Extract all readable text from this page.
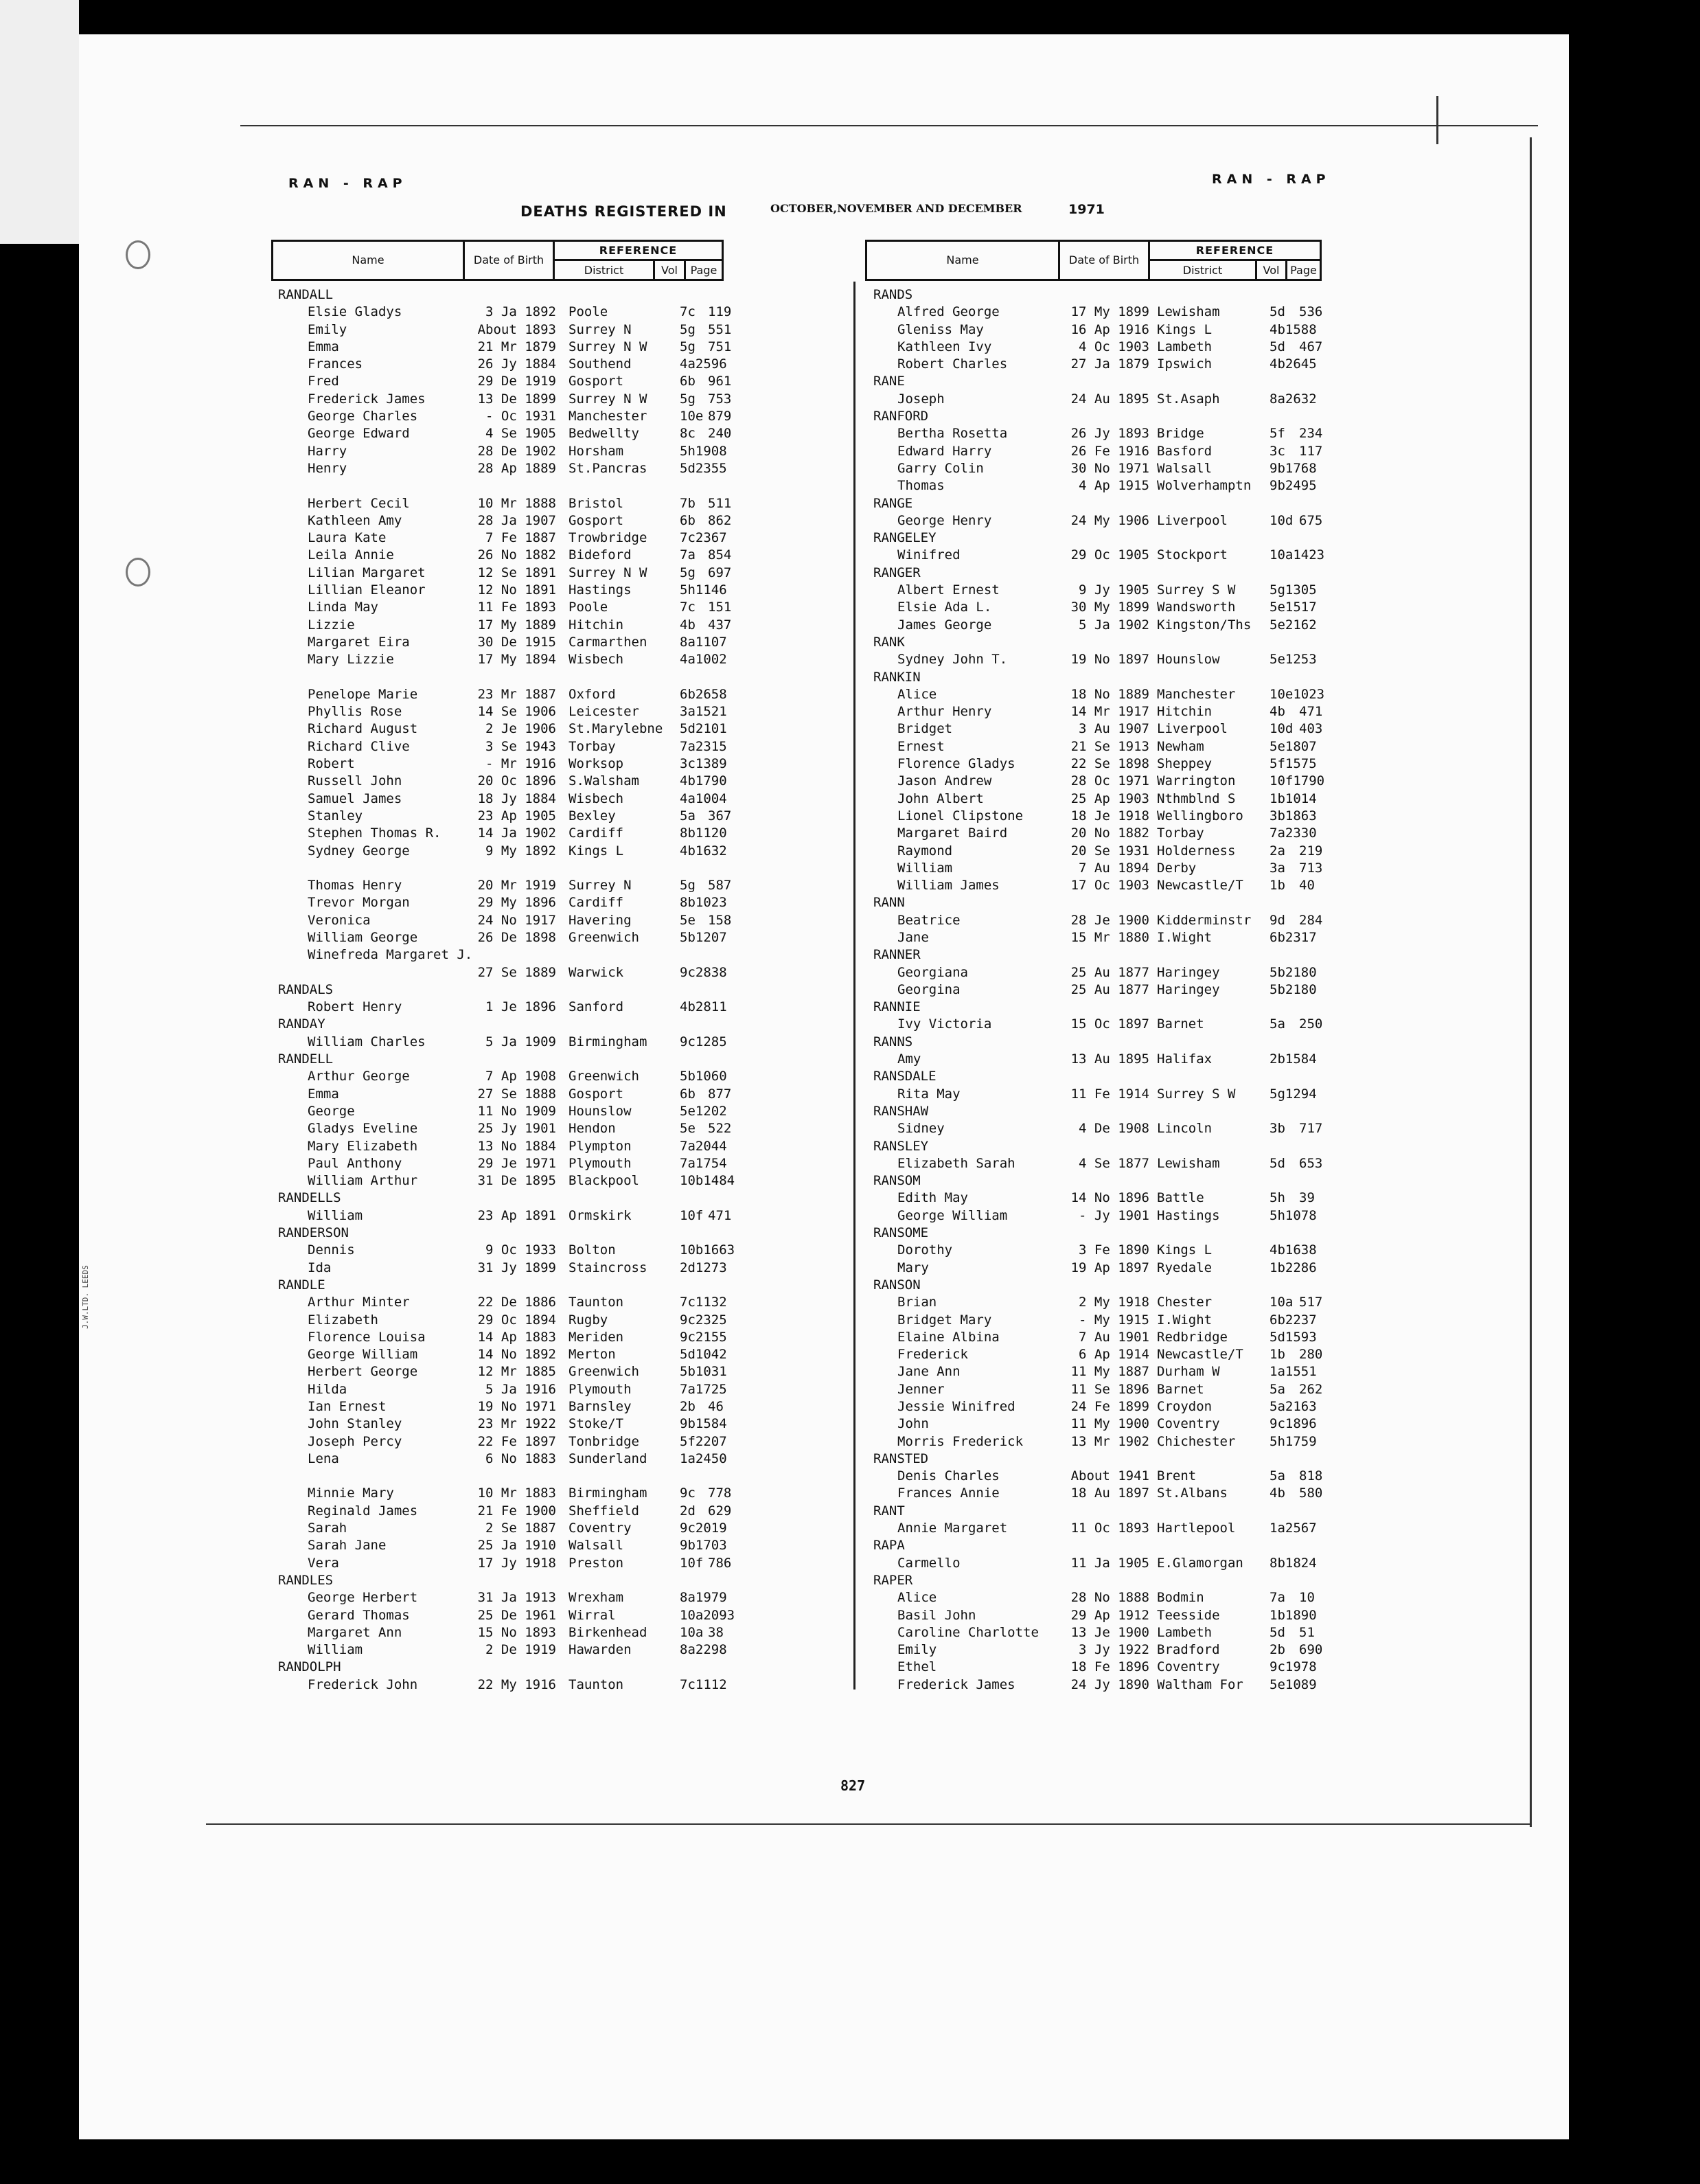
RAN - RAP	RAN - RAP
DEATHS REGISTERED IN	OCTOBER,NOVEMBER AND DECEMBER	1971
Name	Date of Birth
REFERENCE
District	Vol	Page
Name	Date of Birth
REFERENCE
District	Vol Page
RANDALL
Elsie Gladys	3 Ja 1892 Poole	7c 119
Emily	About 1893 Surrey N	5g 551
Emma	21 Mr 1879 Surrey N W	5g 751
Frances	26 Jy 1884 Southend	4a2596
Fred	29 De 1919 Gosport	6b 961
Frederick James	13 De 1899 Surrey N W	5g 753
George Charles	- Oc 1931 Manchester	10e 879
George Edward	4 Se 1905 Bedwellty	8c 240
Harry	28 De 1902 Horsham	5h1908
Henry	28 Ap 1889 St.Pancras	5d2355
Herbert Cecil	10 Mr 1888 Bristol	7b 511
Kathleen Amy	28 Ja 1907 Gosport	6b 862
Laura Kate	7 Fe 1887 Trowbridge	7c2367
Leila Annie	26 No 1882 Bideford	7a 854
Lilian Margaret	12 Se 1891 Surrey N W	5g 697
Lillian Eleanor	12 No 1891 Hastings	5h1146
Linda May	11 Fe 1893 Poole	7c 151
Lizzie	17 My 1889 Hitchin	4b 437
Margaret Eira	30 De 1915 Carmarthen	8a1107
Mary Lizzie	17 My 1894 Wisbech	4a1002
Penelope Marie	23 Mr 1887 Oxford	6b2658
Phyllis Rose	14 Se 1906 Leicester	3a1521
Richard August	2 Je 1906 St.Marylebne 5d2101
Richard Clive	3 Se 1943 Torbay	7a2315
Robert	- Mr 1916 Worksop	3c1389
Russell John	20 Oc 1896 S.Walsham	4b1790
Samuel James	18 Jy 1884 Wisbech	4a1004
Stanley	23 Ap 1905 Bexley	5a 367
Stephen Thomas R.	14 Ja 1902 Cardiff	8b1120
Sydney George	9 My 1892 Kings L	4b1632
Thomas Henry	20 Mr 1919 Surrey N	5g 587
Trevor Morgan	29 My 1896 Cardiff	8b1023
Veronica	24 No 1917 Havering	5e 158
William George	26 De 1898 Greenwich	5b1207
Winefreda Margaret J.
27 Se 1889 Warwick	9c2838
RANDALS
Robert Henry	1 Je 1896 Sanford	4b2811
RANDAY
William Charles	5 Ja 1909 Birmingham	9c1285
RANDELL
Arthur George	7 Ap 1908 Greenwich	5b1060
Emma	27 Se 1888 Gosport	6b 877
George	11 No 1909 Hounslow	5e1202
Gladys Eveline	25 Jy 1901 Hendon	5e 522
Mary Elizabeth	13 No 1884 Plympton	7a2044
Paul Anthony	29 Je 1971 Plymouth	7a1754
William Arthur	31 De 1895 Blackpool	10b1484
RANDELLS
William	23 Ap 1891 Ormskirk	10f 471
RANDERSON
Dennis	9 Oc 1933 Bolton	10b1663
Ida	31 Jy 1899 Staincross	2d1273
RANDLE
Arthur Minter	22 De 1886 Taunton	7c1132
Elizabeth	29 Oc 1894 Rugby	9c2325
Florence Louisa	14 Ap 1883 Meriden	9c2155
George William	14 No 1892 Merton	5d1042
Herbert George	12 Mr 1885 Greenwich	5b1031
Hilda	5 Ja 1916 Plymouth	7a1725
Ian Ernest	19 No 1971 Barnsley	2b 46
John Stanley	23 Mr 1922 Stoke/T	9b1584
Joseph Percy	22 Fe 1897 Tonbridge	5f2207
Lena	6 No 1883 Sunderland	1a2450
Minnie Mary	10 Mr 1883 Birmingham	9c 778
Reginald James	21 Fe 1900 Sheffield	2d 629
Sarah	2 Se 1887 Coventry	9c2019
Sarah Jane	25 Ja 1910 Walsall	9b1703
Vera	17 Jy 1918 Preston	10f 786
RANDLES
George Herbert	31 Ja 1913 Wrexham	8a1979
Gerard Thomas	25 De 1961 Wirral	10a2093
Margaret Ann	15 No 1893 Birkenhead	10a 38
William	2 De 1919 Hawarden	8a2298
RANDOLPH
Frederick John	22 My 1916 Taunton	7c1112
RANDS
Alfred George	17 My 1899 Lewisham	5d 536
Gleniss May	16 Ap 1916 Kings L	4b1588
Kathleen Ivy	4 Oc 1903 Lambeth	5d 467
Robert Charles	27 Ja 1879 Ipswich	4b2645
RANE
Joseph	24 Au 1895 St.Asaph	8a2632
RANFORD
Bertha Rosetta	26 Jy 1893 Bridge	5f 234
Edward Harry	26 Fe 1916 Basford	3c 117
Garry Colin	30 No 1971 Walsall	9b1768
Thomas	4 Ap 1915 Wolverhamptn 9b2495
RANGE
George Henry	24 My 1906 Liverpool	10d 675
RANGELEY
Winifred	29 Oc 1905 Stockport	10a1423
RANGER
Albert Ernest	9 Jy 1905 Surrey S W	5g1305
Elsie Ada L.	30 My 1899 Wandsworth	5e1517
James George	5 Ja 1902 Kingston/Ths 5e2162
RANK
Sydney John T.	19 No 1897 Hounslow	5e1253
RANKIN
Alice	18 No 1889 Manchester	10e1023
Arthur Henry	14 Mr 1917 Hitchin	4b 471
Bridget	3 Au 1907 Liverpool	10d 403
Ernest	21 Se 1913 Newham	5e1807
Florence Gladys	22 Se 1898 Sheppey	5f1575
Jason Andrew	28 Oc 1971 Warrington	10f1790
John Albert	25 Ap 1903 Nthmblnd S	1b1014
Lionel Clipstone	18 Je 1918 Wellingboro 3b1863
Margaret Baird	20 No 1882 Torbay	7a2330
Raymond	20 Se 1931 Holderness	2a 219
William	7 Au 1894 Derby	3a 713
William James	17 Oc 1903 Newcastle/T 1b 40
RANN
Beatrice	28 Je 1900 Kidderminstr 9d 284
Jane	15 Mr 1880 I.Wight	6b2317
RANNER
Georgiana	25 Au 1877 Haringey	5b2180
Georgina	25 Au 1877 Haringey	5b2180
RANNIE
Ivy Victoria	15 Oc 1897 Barnet	5a 250
RANNS
Amy	13 Au 1895 Halifax	2b1584
RANSDALE
Rita May	11 Fe 1914 Surrey S W	5g1294
RANSHAW
Sidney	4 De 1908 Lincoln	3b 717
RANSLEY
Elizabeth Sarah	4 Se 1877 Lewisham	5d 653
RANSOM
Edith May	14 No 1896 Battle	5h 39
George William	- Jy 1901 Hastings	5h1078
RANSOME
Dorothy	3 Fe 1890 Kings L	4b1638
Mary	19 Ap 1897 Ryedale	1b2286
RANSON
Brian	2 My 1918 Chester	10a 517
Bridget Mary	- My 1915 I.Wight	6b2237
Elaine Albina	7 Au 1901 Redbridge	5d1593
Frederick	6 Ap 1914 Newcastle/T 1b 280
Jane Ann	11 My 1887 Durham W	1a1551
Jenner	11 Se 1896 Barnet	5a 262
Jessie Winifred	24 Fe 1899 Croydon	5a2163
John	11 My 1900 Coventry	9c1896
Morris Frederick	13 Mr 1902 Chichester	5h1759
RANSTED
Denis Charles	About 1941 Brent	5a 818
Frances Annie	18 Au 1897 St.Albans	4b 580
RANT
Annie Margaret	11 Oc 1893 Hartlepool	1a2567
RAPA
Carmello	11 Ja 1905 E.Glamorgan 8b1824
RAPER
Alice	28 No 1888 Bodmin	7a 10
Basil John	29 Ap 1912 Teesside	1b1890
Caroline Charlotte	13 Je 1900 Lambeth	5d 51
Emily	3 Jy 1922 Bradford	2b 690
Ethel	18 Fe 1896 Coventry	9c1978
Frederick James	24 Jy 1890 Waltham For 5e1089
827
J.W.LTD. LEEDS
